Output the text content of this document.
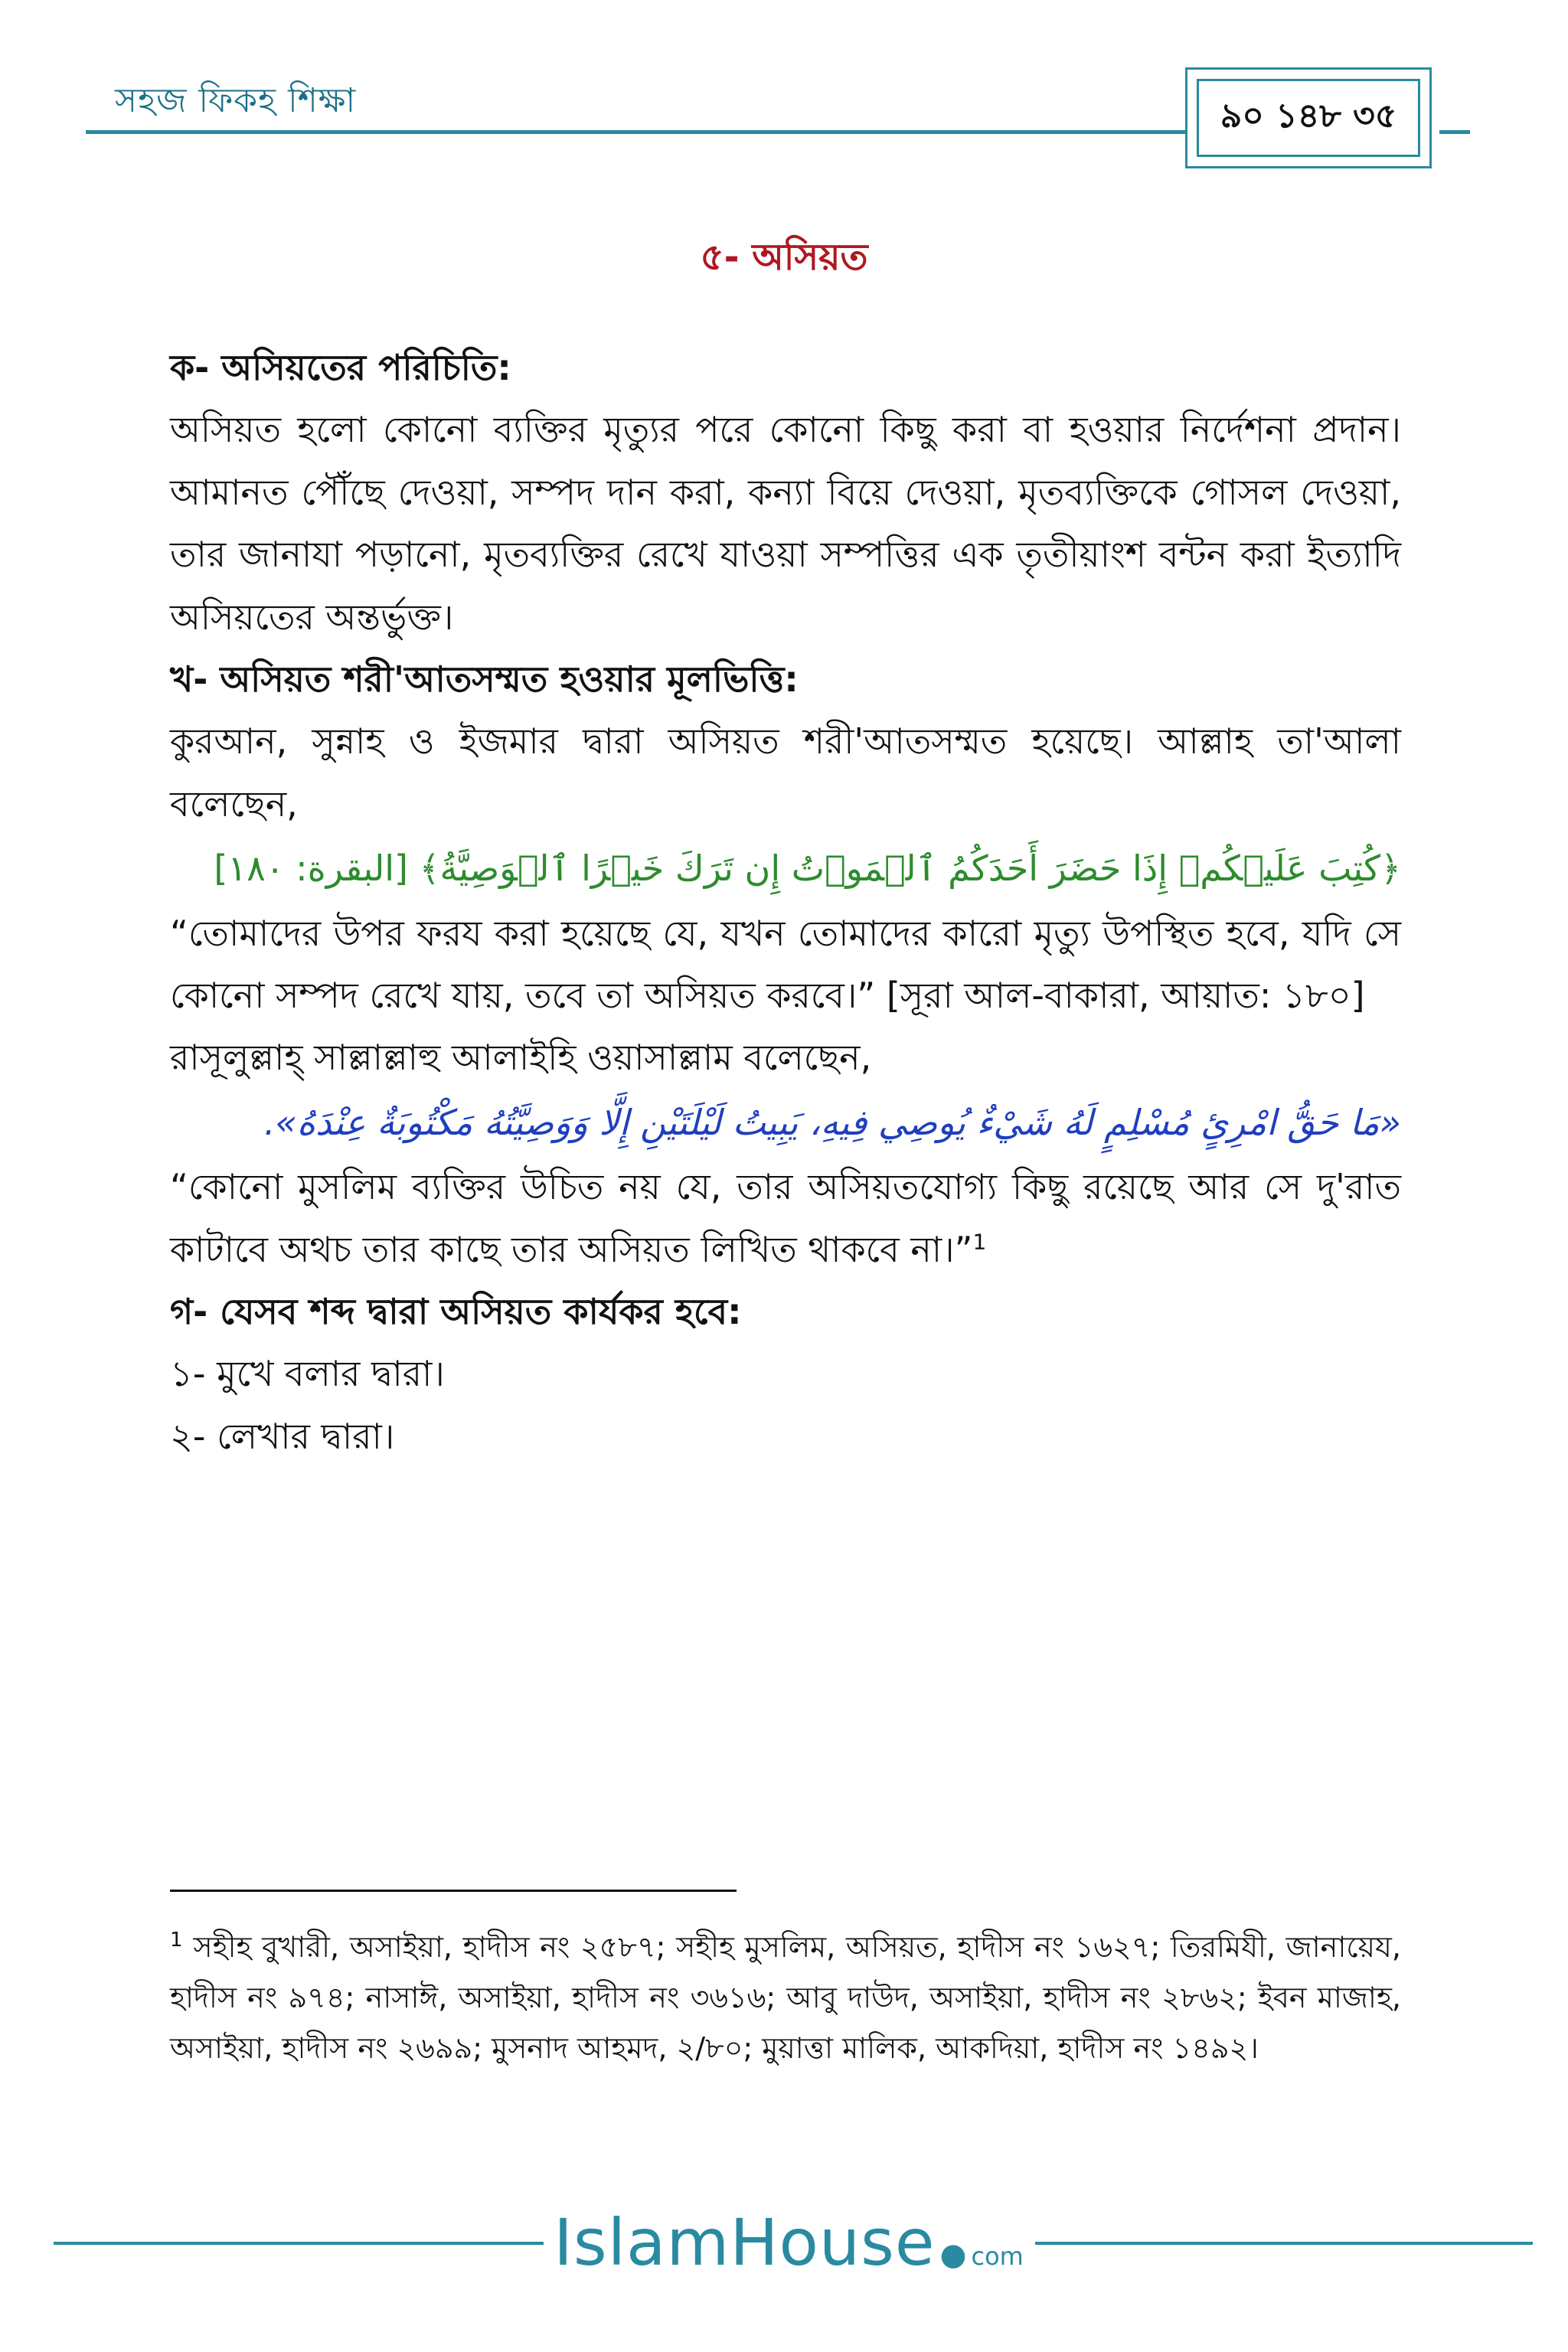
সহজ ফিকহ শিক্ষা	৯০ ১৪৮ ৩৫
৫- অসিয়ত

ক- অসিয়তের পরিচিতি:

অসিয়ত হলো কোনো ব্যক্তির মৃত্যুর পরে কোনো কিছু করা বা হওয়ার নির্দেশনা প্রদান। আমানত পৌঁছে দেওয়া, সম্পদ দান করা, কন্যা বিয়ে দেওয়া, মৃতব্যক্তিকে গোসল দেওয়া, তার জানাযা পড়ানো, মৃতব্যক্তির রেখে যাওয়া সম্পত্তির এক তৃতীয়াংশ বন্টন করা ইত্যাদি অসিয়তের অন্তর্ভুক্ত।

খ- অসিয়ত শরী'আতসম্মত হওয়ার মূলভিত্তি:

কুরআন, সুন্নাহ ও ইজমার দ্বারা অসিয়ত শরী'আতসম্মত হয়েছে। আল্লাহ তা'আলা বলেছেন,

﴿كُتِبَ عَلَيۡكُمۡ إِذَا حَضَرَ أَحَدَكُمُ ٱلۡمَوۡتُ إِن تَرَكَ خَيۡرًا ٱلۡوَصِيَّةُ﴾ [البقرة: ١٨٠]

“তোমাদের উপর ফরয করা হয়েছে যে, যখন তোমাদের কারো মৃত্যু উপস্থিত হবে, যদি সে কোনো সম্পদ রেখে যায়, তবে তা অসিয়ত করবে।” [সূরা আল-বাকারা, আয়াত: ১৮০]

রাসূলুল্লাহ্ সাল্লাল্লাহু আলাইহি ওয়াসাল্লাম বলেছেন,

«مَا حَقُّ امْرِئٍ مُسْلِمٍ لَهُ شَيْءٌ يُوصِي فِيهِ، يَبِيتُ لَيْلَتَيْنِ إِلَّا وَوَصِيَّتُهُ مَكْتُوبَةٌ عِنْدَهُ».

“কোনো মুসলিম ব্যক্তির উচিত নয় যে, তার অসিয়তযোগ্য কিছু রয়েছে আর সে দু'রাত কাটাবে অথচ তার কাছে তার অসিয়ত লিখিত থাকবে না।”$^1$

গ- যেসব শব্দ দ্বারা অসিয়ত কার্যকর হবে:

১- মুখে বলার দ্বারা।

২- লেখার দ্বারা।

$^1$ সহীহ বুখারী, অসাইয়া, হাদীস নং ২৫৮৭; সহীহ মুসলিম, অসিয়ত, হাদীস নং ১৬২৭; তিরমিযী, জানায়েয, হাদীস নং ৯৭৪; নাসাঈ, অসাইয়া, হাদীস নং ৩৬১৬; আবু দাউদ, অসাইয়া, হাদীস নং ২৮৬২; ইবন মাজাহ, অসাইয়া, হাদীস নং ২৬৯৯; মুসনাদ আহমদ, ২/৮০; মুয়াত্তা মালিক, আকদিয়া, হাদীস নং ১৪৯২।
IslamHouse ● com
